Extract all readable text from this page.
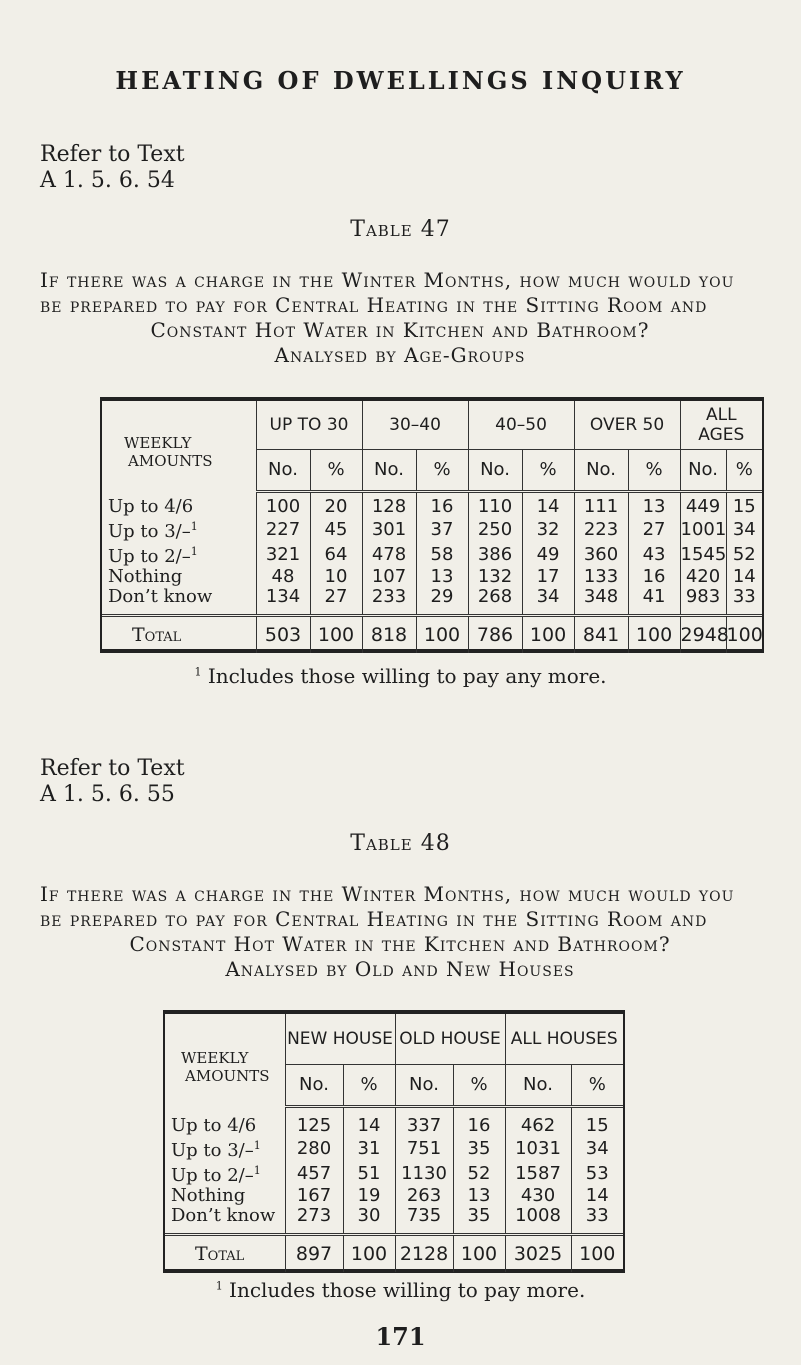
HEATING OF DWELLINGS INQUIRY
Refer to Text
A 1. 5. 6. 54
Table 47
If there was a charge in the Winter Months, how much would you
be prepared to pay for Central Heating in the Sitting Room and
Constant Hot Water in Kitchen and Bathroom?
Analysed by Age-Groups
WEEKLY
AMOUNTS	UP TO 30		30–40		40–50		OVER 50		ALL AGES	
	No.	%	No.	%	No.	%	No.	%	No.	%

Up to 4/6	100	20	128	16	110	14	111	13	449	15
Up to 3/–$^1$	227	45	301	37	250	32	223	27	1001	34
Up to 2/–$^1$	321	64	478	58	386	49	360	43	1545	52
Nothing	48	10	107	13	132	17	133	16	420	14
Don’t know	134	27	233	29	268	34	348	41	983	33

Total	503	100	818	100	786	100	841	100	2948	100
$^1$ Includes those willing to pay any more.
Refer to Text
A 1. 5. 6. 55
Table 48
If there was a charge in the Winter Months, how much would you
be prepared to pay for Central Heating in the Sitting Room and
Constant Hot Water in the Kitchen and Bathroom?
Analysed by Old and New Houses
WEEKLY
AMOUNTS	NEW HOUSE		OLD HOUSE		ALL HOUSES	
	No.	%	No.	%	No.	%

Up to 4/6	125	14	337	16	462	15
Up to 3/–$^1$	280	31	751	35	1031	34
Up to 2/–$^1$	457	51	1130	52	1587	53
Nothing	167	19	263	13	430	14
Don’t know	273	30	735	35	1008	33

Total	897	100	2128	100	3025	100
$^1$ Includes those willing to pay more.
171
